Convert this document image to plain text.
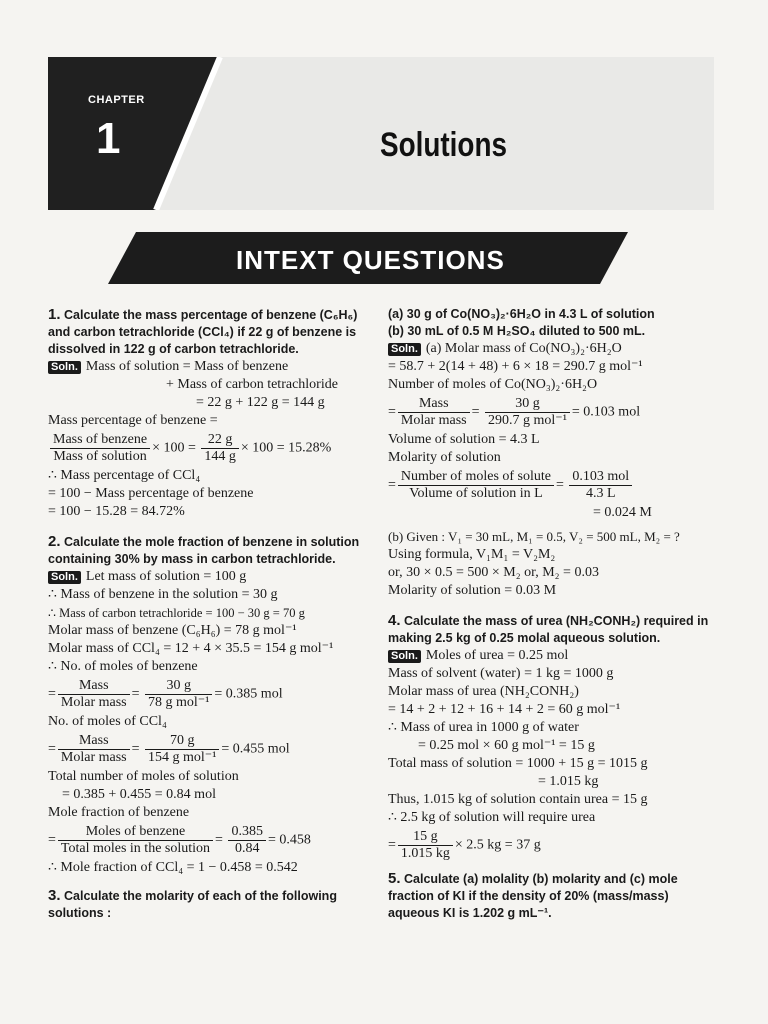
CHAPTER
1	Solutions
INTEXT QUESTIONS
1. Calculate the mass percentage of benzene (C₆H₆) and carbon tetrachloride (CCl₄) if 22 g of benzene is dissolved in 122 g of carbon tetrachloride.
Soln. Mass of solution = Mass of benzene
+ Mass of carbon tetrachloride
= 22 g + 122 g = 144 g
Mass percentage of benzene =
$\frac{\text{Mass of benzene}}{\text{Mass of solution}} \times 100 = \frac{22 g}{144 g} \times 100 = 15.28\%$
∴ Mass percentage of CCl₄
= 100 − Mass percentage of benzene
= 100 − 15.28 = 84.72%
2. Calculate the mole fraction of benzene in solution containing 30% by mass in carbon tetrachloride.
Soln. Let mass of solution = 100 g
∴ Mass of benzene in the solution = 30 g
∴ Mass of carbon tetrachloride = 100 − 30 g = 70 g
Molar mass of benzene (C₆H₆) = 78 g mol⁻¹
Molar mass of CCl₄ = 12 + 4 × 35.5 = 154 g mol⁻¹
∴ No. of moles of benzene
= $\frac{\text{Mass}}{\text{Molar mass}} = \frac{30 g}{\text{78 g mol⁻¹}} = 0.385$ mol
No. of moles of CCl₄
= $\frac{\text{Mass}}{\text{Molar mass}} = \frac{70 g}{\text{154 g mol⁻¹}} = 0.455$ mol
Total number of moles of solution
= 0.385 + 0.455 = 0.84 mol
Mole fraction of benzene
= $\frac{\text{Moles of benzene}}{\text{Total moles in the solution}} = \frac{0.385}{0.84} = 0.458$
∴ Mole fraction of CCl₄ = 1 − 0.458 = 0.542
3. Calculate the molarity of each of the following solutions :
(a) 30 g of Co(NO₃)₂·6H₂O in 4.3 L of solution
(b) 30 mL of 0.5 M H₂SO₄ diluted to 500 mL.
Soln. (a) Molar mass of Co(NO₃)₂·6H₂O
= 58.7 + 2(14 + 48) + 6 × 18 = 290.7 g mol⁻¹
Number of moles of Co(NO₃)₂·6H₂O
= $\frac{\text{Mass}}{\text{Molar mass}} = \frac{30 g}{\text{290.7 g mol⁻¹}} = 0.103$ mol
Volume of solution = 4.3 L
Molarity of solution
= $\frac{\text{Number of moles of solute}}{\text{Volume of solution in L}} = \frac{\text{0.103 mol}}{4.3 L}$
= 0.024 M
(b) Given : V₁ = 30 mL, M₁ = 0.5, V₂ = 500 mL, M₂ = ?
Using formula, V₁M₁ = V₂M₂
or, 30 × 0.5 = 500 × M₂ or, M₂ = 0.03
Molarity of solution = 0.03 M
4. Calculate the mass of urea (NH₂CONH₂) required in making 2.5 kg of 0.25 molal aqueous solution.
Soln. Moles of urea = 0.25 mol
Mass of solvent (water) = 1 kg = 1000 g
Molar mass of urea (NH₂CONH₂)
= 14 + 2 + 12 + 16 + 14 + 2 = 60 g mol⁻¹
∴ Mass of urea in 1000 g of water
= 0.25 mol × 60 g mol⁻¹ = 15 g
Total mass of solution = 1000 + 15 g = 1015 g
= 1.015 kg
Thus, 1.015 kg of solution contain urea = 15 g
∴ 2.5 kg of solution will require urea
= $\frac{15 g}{1.015 kg} \times 2.5$ kg = 37 g
5. Calculate (a) molality (b) molarity and (c) mole fraction of KI if the density of 20% (mass/mass) aqueous KI is 1.202 g mL⁻¹.
